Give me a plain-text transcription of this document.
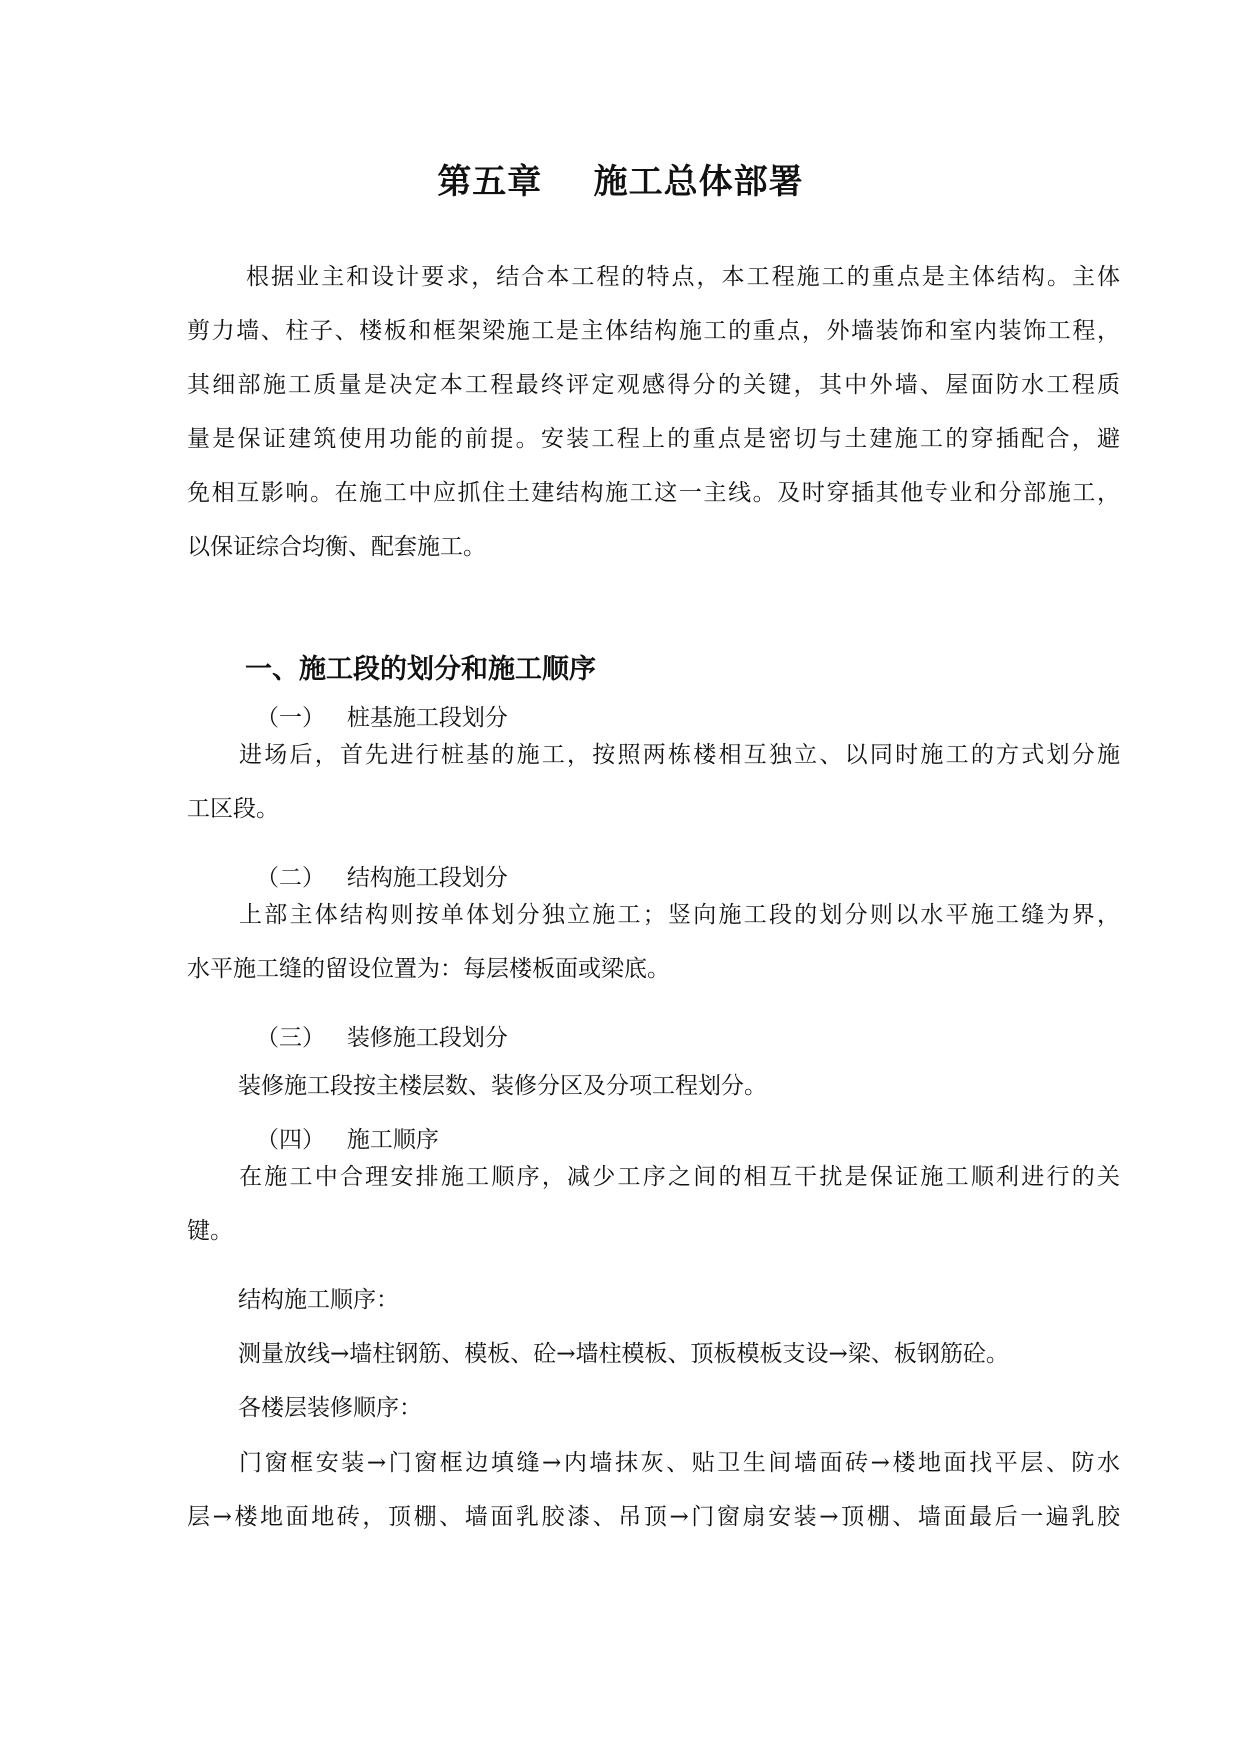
第五章    施工总体部署
根据业主和设计要求，结合本工程的特点，本工程施工的重点是主体结构。主体
剪力墙、柱子、楼板和框架梁施工是主体结构施工的重点，外墙装饰和室内装饰工程，
其细部施工质量是决定本工程最终评定观感得分的关键，其中外墙、屋面防水工程质
量是保证建筑使用功能的前提。安装工程上的重点是密切与土建施工的穿插配合，避
免相互影响。在施工中应抓住土建结构施工这一主线。及时穿插其他专业和分部施工，
以保证综合均衡、配套施工。
一、施工段的划分和施工顺序
（一）   桩基施工段划分
进场后，首先进行桩基的施工，按照两栋楼相互独立、以同时施工的方式划分施
工区段。
（二）   结构施工段划分
上部主体结构则按单体划分独立施工；竖向施工段的划分则以水平施工缝为界，
水平施工缝的留设位置为：每层楼板面或梁底。
（三）   装修施工段划分
装修施工段按主楼层数、装修分区及分项工程划分。
（四）   施工顺序
在施工中合理安排施工顺序，减少工序之间的相互干扰是保证施工顺利进行的关
键。
结构施工顺序：
测量放线→墙柱钢筋、模板、砼→墙柱模板、顶板模板支设→梁、板钢筋砼。
各楼层装修顺序：
门窗框安装→门窗框边填缝→内墙抹灰、贴卫生间墙面砖→楼地面找平层、防水
层→楼地面地砖，顶棚、墙面乳胶漆、吊顶→门窗扇安装→顶棚、墙面最后一遍乳胶
